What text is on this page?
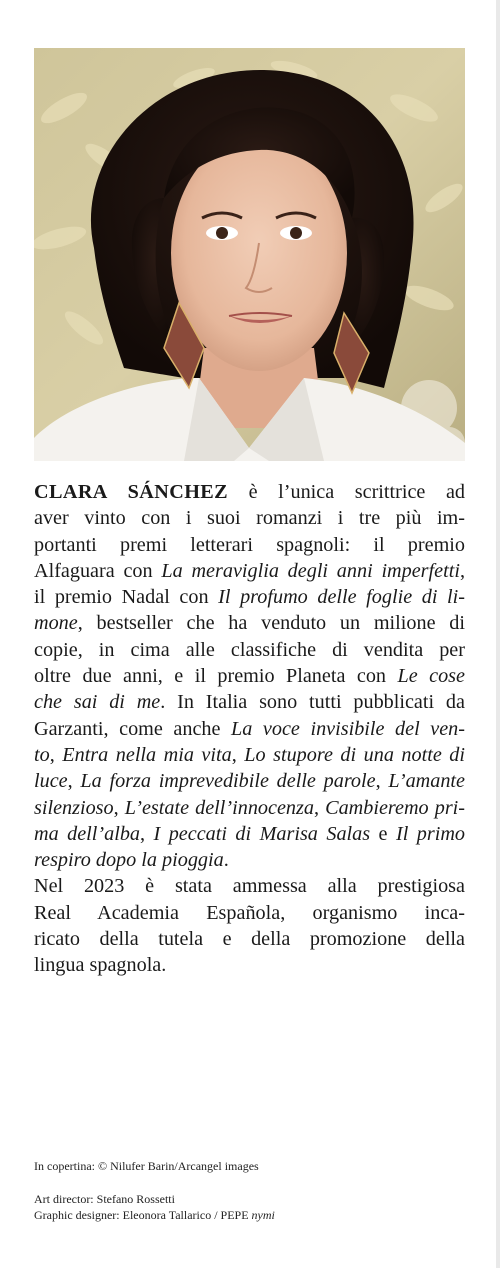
CLARA SÁNCHEZ è l’unica scrittrice ad
aver vinto con i suoi romanzi i tre più im-
portanti premi letterari spagnoli: il premio
Alfaguara con La meraviglia degli anni imperfetti,
il premio Nadal con Il profumo delle foglie di li-
mone, bestseller che ha venduto un milione di
copie, in cima alle classifiche di vendita per
oltre due anni, e il premio Planeta con Le cose
che sai di me. In Italia sono tutti pubblicati da
Garzanti, come anche La voce invisibile del ven-
to, Entra nella mia vita, Lo stupore di una notte di
luce, La forza imprevedibile delle parole, L’amante
silenzioso, L’estate dell’innocenza, Cambieremo pri-
ma dell’alba, I peccati di Marisa Salas e Il primo
respiro dopo la pioggia.
Nel 2023 è stata ammessa alla prestigiosa
Real Academia Española, organismo inca-
ricato della tutela e della promozione della
lingua spagnola.
In copertina: © Nilufer Barin/Arcangel images
Art director: Stefano Rossetti
Graphic designer: Eleonora Tallarico / PEPE nymi
